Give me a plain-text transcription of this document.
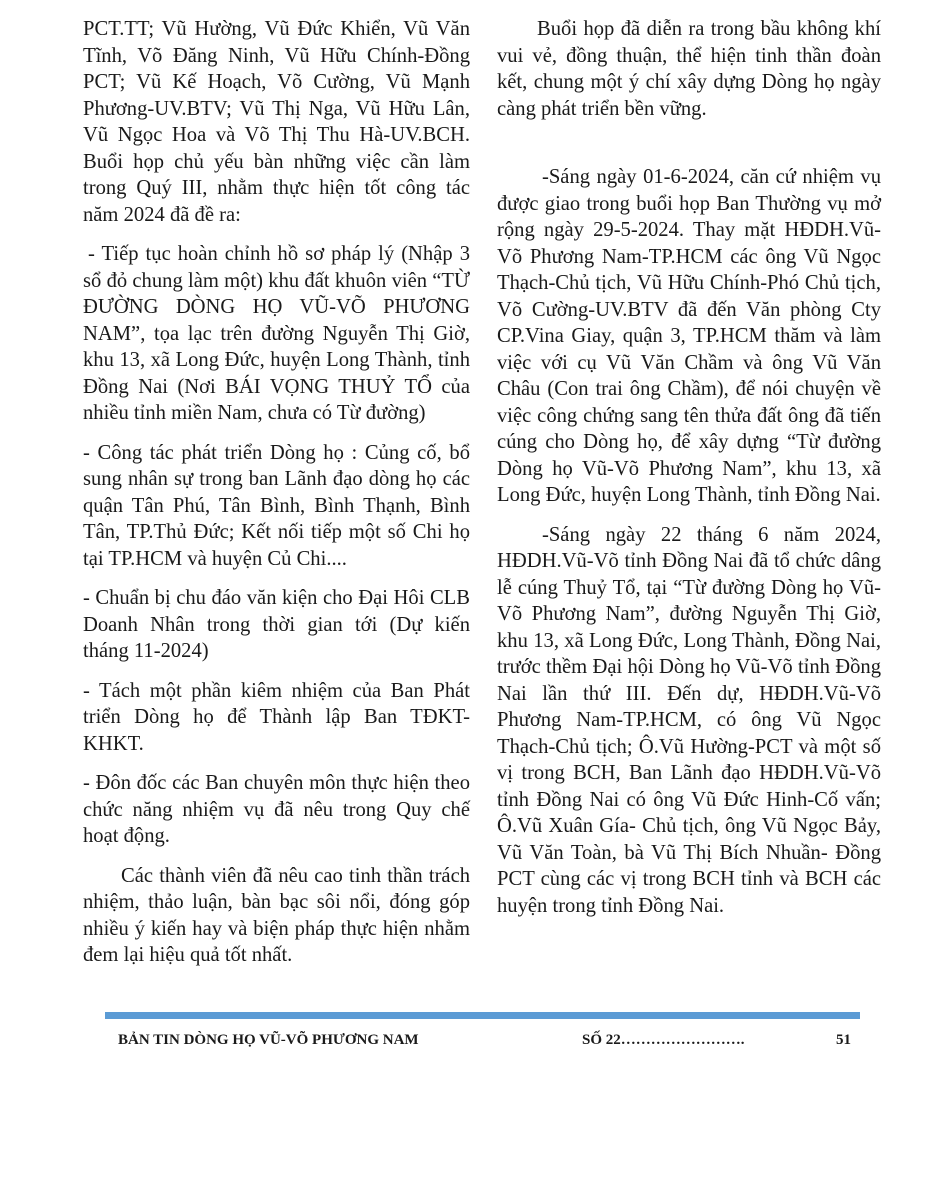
PCT.TT; Vũ Hường, Vũ Đức Khiển, Vũ Văn Tĩnh, Võ Đăng Ninh, Vũ Hữu Chính-Đồng PCT; Vũ Kế Hoạch, Võ Cường, Vũ Mạnh Phương-UV.BTV; Vũ Thị Nga, Vũ Hữu Lân, Vũ Ngọc Hoa và Võ Thị Thu Hà-UV.BCH. Buổi họp chủ yếu bàn những việc cần làm trong Quý III, nhằm thực hiện tốt công tác năm 2024 đã đề ra:

- Tiếp tục hoàn chỉnh hồ sơ pháp lý (Nhập 3 sổ đỏ chung làm một) khu đất khuôn viên “TỪ ĐƯỜNG DÒNG HỌ VŨ-VÕ PHƯƠNG NAM”, tọa lạc trên đường Nguyễn Thị Giờ, khu 13, xã Long Đức, huyện Long Thành, tỉnh Đồng Nai (Nơi BÁI VỌNG THUỶ TỔ của nhiều tỉnh miền Nam, chưa có Từ đường)

- Công tác phát triển Dòng họ : Củng cố, bổ sung nhân sự trong ban Lãnh đạo dòng họ các quận Tân Phú, Tân Bình, Bình Thạnh, Bình Tân, TP.Thủ Đức; Kết nối tiếp một số Chi họ tại TP.HCM và huyện Củ Chi....

- Chuẩn bị chu đáo văn kiện cho Đại Hôi CLB Doanh Nhân trong thời gian tới (Dự kiến tháng 11-2024)

- Tách một phần kiêm nhiệm của Ban Phát triển Dòng họ để Thành lập Ban TĐKT-KHKT.

- Đôn đốc các Ban chuyên môn thực hiện theo chức năng nhiệm vụ đã nêu trong Quy chế hoạt động.

Các thành viên đã nêu cao tinh thần trách nhiệm, thảo luận, bàn bạc sôi nổi, đóng góp nhiều ý kiến hay và biện pháp thực hiện nhằm đem lại hiệu quả tốt nhất.

Buổi họp đã diễn ra trong bầu không khí vui vẻ, đồng thuận, thể hiện tinh thần đoàn kết, chung một ý chí xây dựng Dòng họ ngày càng phát triển bền vững.

-Sáng ngày 01-6-2024, căn cứ nhiệm vụ được giao trong buổi họp Ban Thường vụ mở rộng ngày 29-5-2024. Thay mặt HĐDH.Vũ-Võ Phương Nam-TP.HCM các ông Vũ Ngọc Thạch-Chủ tịch, Vũ Hữu Chính-Phó Chủ tịch, Võ Cường-UV.BTV đã đến Văn phòng Cty CP.Vina Giay, quận 3, TP.HCM thăm và làm việc với cụ Vũ Văn Chầm và ông Vũ Văn Châu (Con trai ông Chầm), để nói chuyện về việc công chứng sang tên thửa đất ông đã tiến cúng cho Dòng họ, để xây dựng “Từ đường Dòng họ Vũ-Võ Phương Nam”, khu 13, xã Long Đức, huyện Long Thành, tỉnh Đồng Nai.

-Sáng ngày 22 tháng 6 năm 2024, HĐDH.Vũ-Võ tỉnh Đồng Nai đã tổ chức dâng lễ cúng Thuỷ Tổ, tại “Từ đường Dòng họ Vũ-Võ Phương Nam”, đường Nguyễn Thị Giờ, khu 13, xã Long Đức, Long Thành, Đồng Nai, trước thềm Đại hội Dòng họ Vũ-Võ tỉnh Đồng Nai lần thứ III. Đến dự, HĐDH.Vũ-Võ Phương Nam-TP.HCM, có ông Vũ Ngọc Thạch-Chủ tịch; Ô.Vũ Hường-PCT và một số vị trong BCH, Ban Lãnh đạo HĐDH.Vũ-Võ tỉnh Đồng Nai có ông Vũ Đức Hinh-Cố vấn; Ô.Vũ Xuân Gía- Chủ tịch, ông Vũ Ngọc Bảy, Vũ Văn Toàn, bà Vũ Thị Bích Nhuần- Đồng PCT cùng các vị trong BCH tỉnh và BCH các huyện trong tỉnh Đồng Nai.

BẢN TIN DÒNG HỌ VŨ-VÕ PHƯƠNG NAM	SỐ 22…………………….	51
